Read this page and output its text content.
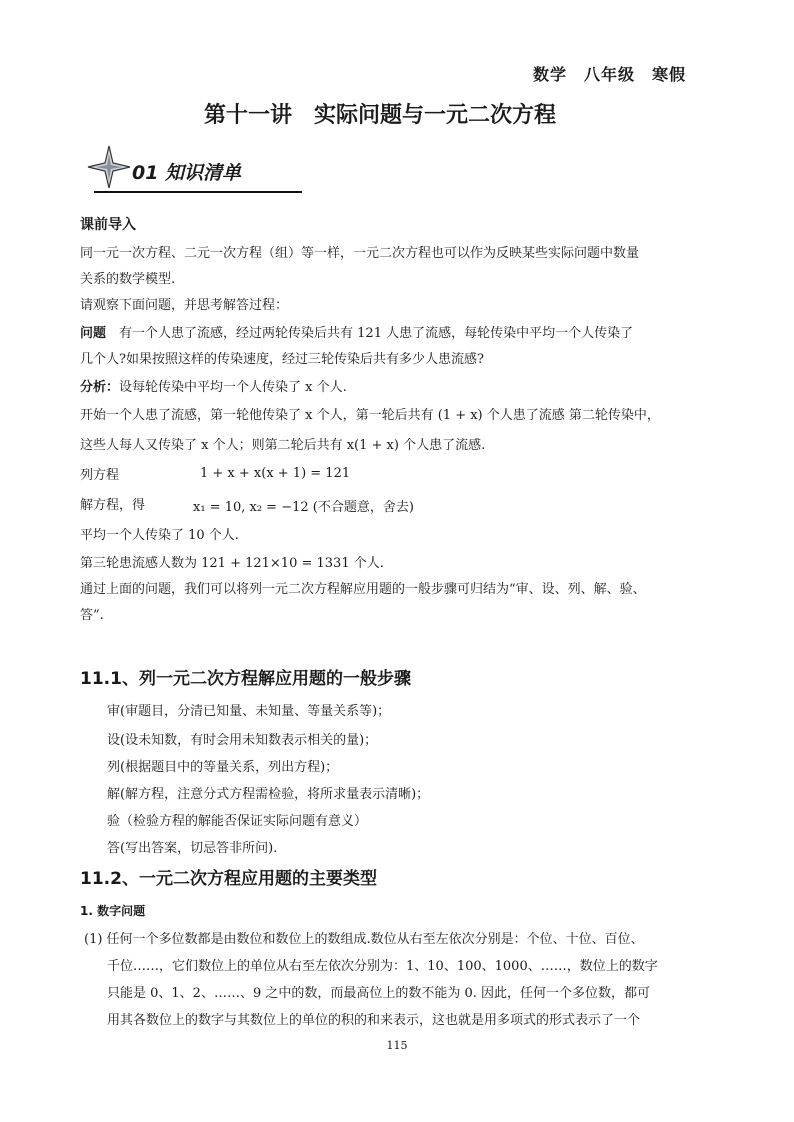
数学　八年级　寒假
第十一讲　实际问题与一元二次方程
01 知识清单
课前导入
同一元一次方程、二元一次方程（组）等一样，一元二次方程也可以作为反映某些实际问题中数量
关系的数学模型.
请观察下面问题，并思考解答过程：
问题　有一个人患了流感，经过两轮传染后共有 121 人患了流感，每轮传染中平均一个人传染了
几个人?如果按照这样的传染速度，经过三轮传染后共有多少人患流感?
分析：设每轮传染中平均一个人传染了 x 个人.
开始一个人患了流感，第一轮他传染了 x 个人，第一轮后共有 (1 + x) 个人患了流感 第二轮传染中，
这些人每人又传染了 x 个人；则第二轮后共有 x(1 + x) 个人患了流感.
列方程	1 + x + x(x + 1) = 121
解方程，得	x₁ = 10, x₂ = −12 (不合题意，舍去)
平均一个人传染了 10 个人.
第三轮患流感人数为 121 + 121×10 = 1331 个人.
通过上面的问题，我们可以将列一元二次方程解应用题的一般步骤可归结为“审、设、列、解、验、
答”.
11.1、列一元二次方程解应用题的一般步骤
审(审题目，分清已知量、未知量、等量关系等)；
设(设未知数，有时会用未知数表示相关的量)；
列(根据题目中的等量关系，列出方程)；
解(解方程，注意分式方程需检验，将所求量表示清晰)；
验（检验方程的解能否保证实际问题有意义）
答(写出答案，切忌答非所问).
11.2、一元二次方程应用题的主要类型
1. 数字问题
(1) 任何一个多位数都是由数位和数位上的数组成.数位从右至左依次分别是：个位、十位、百位、
千位……，它们数位上的单位从右至左依次分别为：1、10、100、1000、……，数位上的数字
只能是 0、1、2、……、9 之中的数，而最高位上的数不能为 0. 因此，任何一个多位数，都可
用其各数位上的数字与其数位上的单位的积的和来表示，这也就是用多项式的形式表示了一个
115
